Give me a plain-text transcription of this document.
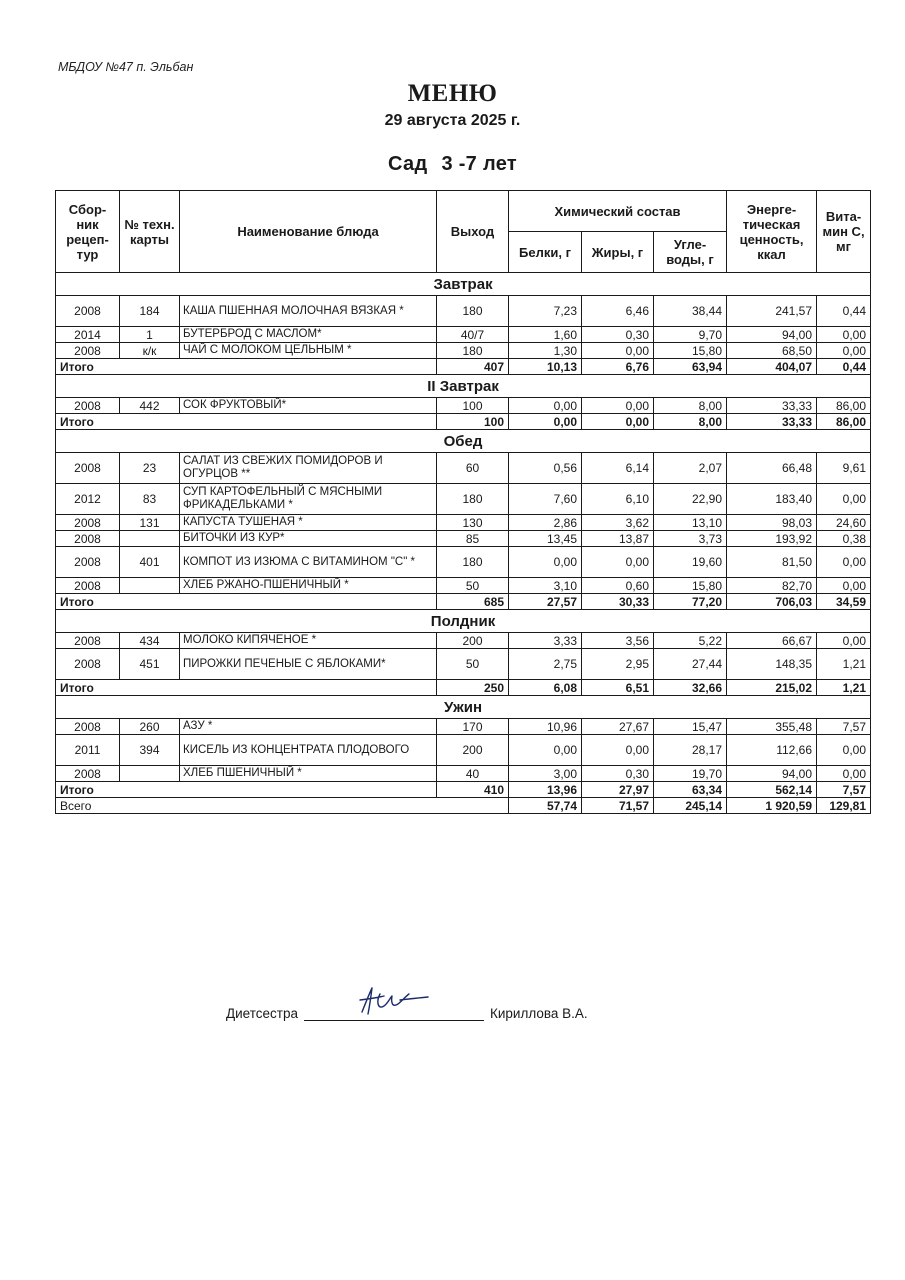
МБДОУ №47 п. Эльбан
МЕНЮ
29 августа 2025 г.
Сад 3 -7 лет
Сбор-ник рецеп-тур	№ техн. карты	Наименование блюда	Выход	Химический состав			Энерге-тическая ценность, ккал	Вита-мин С, мг
				Белки, г	Жиры, г	Угле-воды, г		
Завтрак								
2008	184	КАША ПШЕННАЯ МОЛОЧНАЯ ВЯЗКАЯ *	180	7,23	6,46	38,44	241,57	0,44
2014	1	БУТЕРБРОД С МАСЛОМ*	40/7	1,60	0,30	9,70	94,00	0,00
2008	к/к	ЧАЙ С МОЛОКОМ ЦЕЛЬНЫМ *	180	1,30	0,00	15,80	68,50	0,00
Итого			407	10,13	6,76	63,94	404,07	0,44
II Завтрак								
2008	442	СОК ФРУКТОВЫЙ*	100	0,00	0,00	8,00	33,33	86,00
Итого			100	0,00	0,00	8,00	33,33	86,00
Обед								
2008	23	САЛАТ ИЗ СВЕЖИХ ПОМИДОРОВ И ОГУРЦОВ **	60	0,56	6,14	2,07	66,48	9,61
2012	83	СУП КАРТОФЕЛЬНЫЙ С МЯСНЫМИ ФРИКАДЕЛЬКАМИ *	180	7,60	6,10	22,90	183,40	0,00
2008	131	КАПУСТА ТУШЕНАЯ *	130	2,86	3,62	13,10	98,03	24,60
2008		БИТОЧКИ ИЗ КУР*	85	13,45	13,87	3,73	193,92	0,38
2008	401	КОМПОТ ИЗ ИЗЮМА С ВИТАМИНОМ "С" *	180	0,00	0,00	19,60	81,50	0,00
2008		ХЛЕБ РЖАНО-ПШЕНИЧНЫЙ *	50	3,10	0,60	15,80	82,70	0,00
Итого			685	27,57	30,33	77,20	706,03	34,59
Полдник								
2008	434	МОЛОКО КИПЯЧЕНОЕ *	200	3,33	3,56	5,22	66,67	0,00
2008	451	ПИРОЖКИ ПЕЧЕНЫЕ С ЯБЛОКАМИ*	50	2,75	2,95	27,44	148,35	1,21
Итого			250	6,08	6,51	32,66	215,02	1,21
Ужин								
2008	260	АЗУ *	170	10,96	27,67	15,47	355,48	7,57
2011	394	КИСЕЛЬ ИЗ КОНЦЕНТРАТА ПЛОДОВОГО	200	0,00	0,00	28,17	112,66	0,00
2008		ХЛЕБ ПШЕНИЧНЫЙ *	40	3,00	0,30	19,70	94,00	0,00
Итого			410	13,96	27,97	63,34	562,14	7,57
Всего				57,74	71,57	245,14	1 920,59	129,81
Диетсестра	Кириллова В.А.
